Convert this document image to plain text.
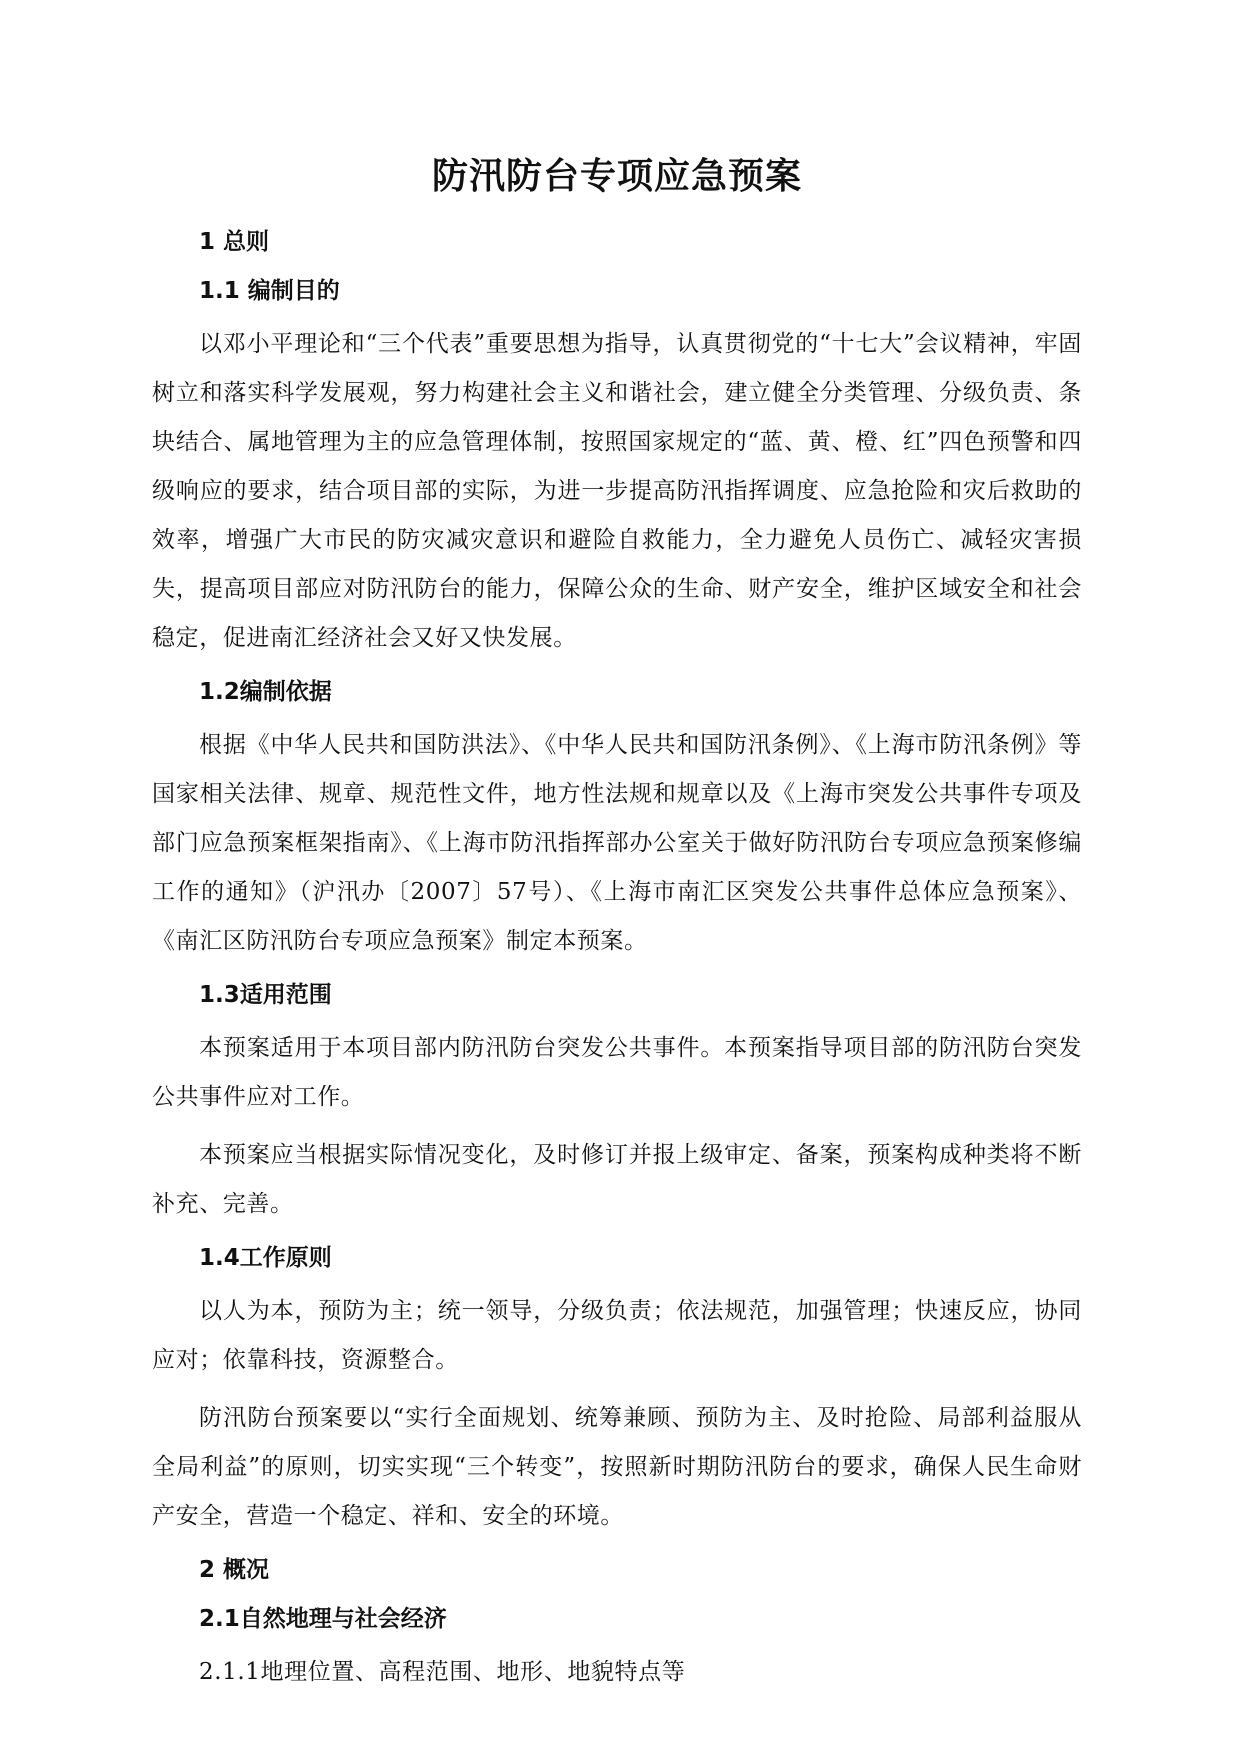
防汛防台专项应急预案
1 总则
1.1 编制目的
以邓小平理论和“三个代表”重要思想为指导，认真贯彻党的“十七大”会议精神，牢固树立和落实科学发展观，努力构建社会主义和谐社会，建立健全分类管理、分级负责、条块结合、属地管理为主的应急管理体制，按照国家规定的“蓝、黄、橙、红”四色预警和四级响应的要求，结合项目部的实际，为进一步提高防汛指挥调度、应急抢险和灾后救助的效率，增强广大市民的防灾减灾意识和避险自救能力，全力避免人员伤亡、减轻灾害损失，提高项目部应对防汛防台的能力，保障公众的生命、财产安全，维护区域安全和社会稳定，促进南汇经济社会又好又快发展。
1.2编制依据
根据《中华人民共和国防洪法》、《中华人民共和国防汛条例》、《上海市防汛条例》等国家相关法律、规章、规范性文件，地方性法规和规章以及《上海市突发公共事件专项及部门应急预案框架指南》、《上海市防汛指挥部办公室关于做好防汛防台专项应急预案修编工作的通知》（沪汛办〔2007〕57号）、《上海市南汇区突发公共事件总体应急预案》、《南汇区防汛防台专项应急预案》制定本预案。
1.3适用范围
本预案适用于本项目部内防汛防台突发公共事件。本预案指导项目部的防汛防台突发公共事件应对工作。
本预案应当根据实际情况变化，及时修订并报上级审定、备案，预案构成种类将不断补充、完善。
1.4工作原则
以人为本，预防为主；统一领导，分级负责；依法规范，加强管理；快速反应，协同应对；依靠科技，资源整合。
防汛防台预案要以“实行全面规划、统筹兼顾、预防为主、及时抢险、局部利益服从全局利益”的原则，切实实现“三个转变”，按照新时期防汛防台的要求，确保人民生命财产安全，营造一个稳定、祥和、安全的环境。
2 概况
2.1自然地理与社会经济
2.1.1地理位置、高程范围、地形、地貌特点等
